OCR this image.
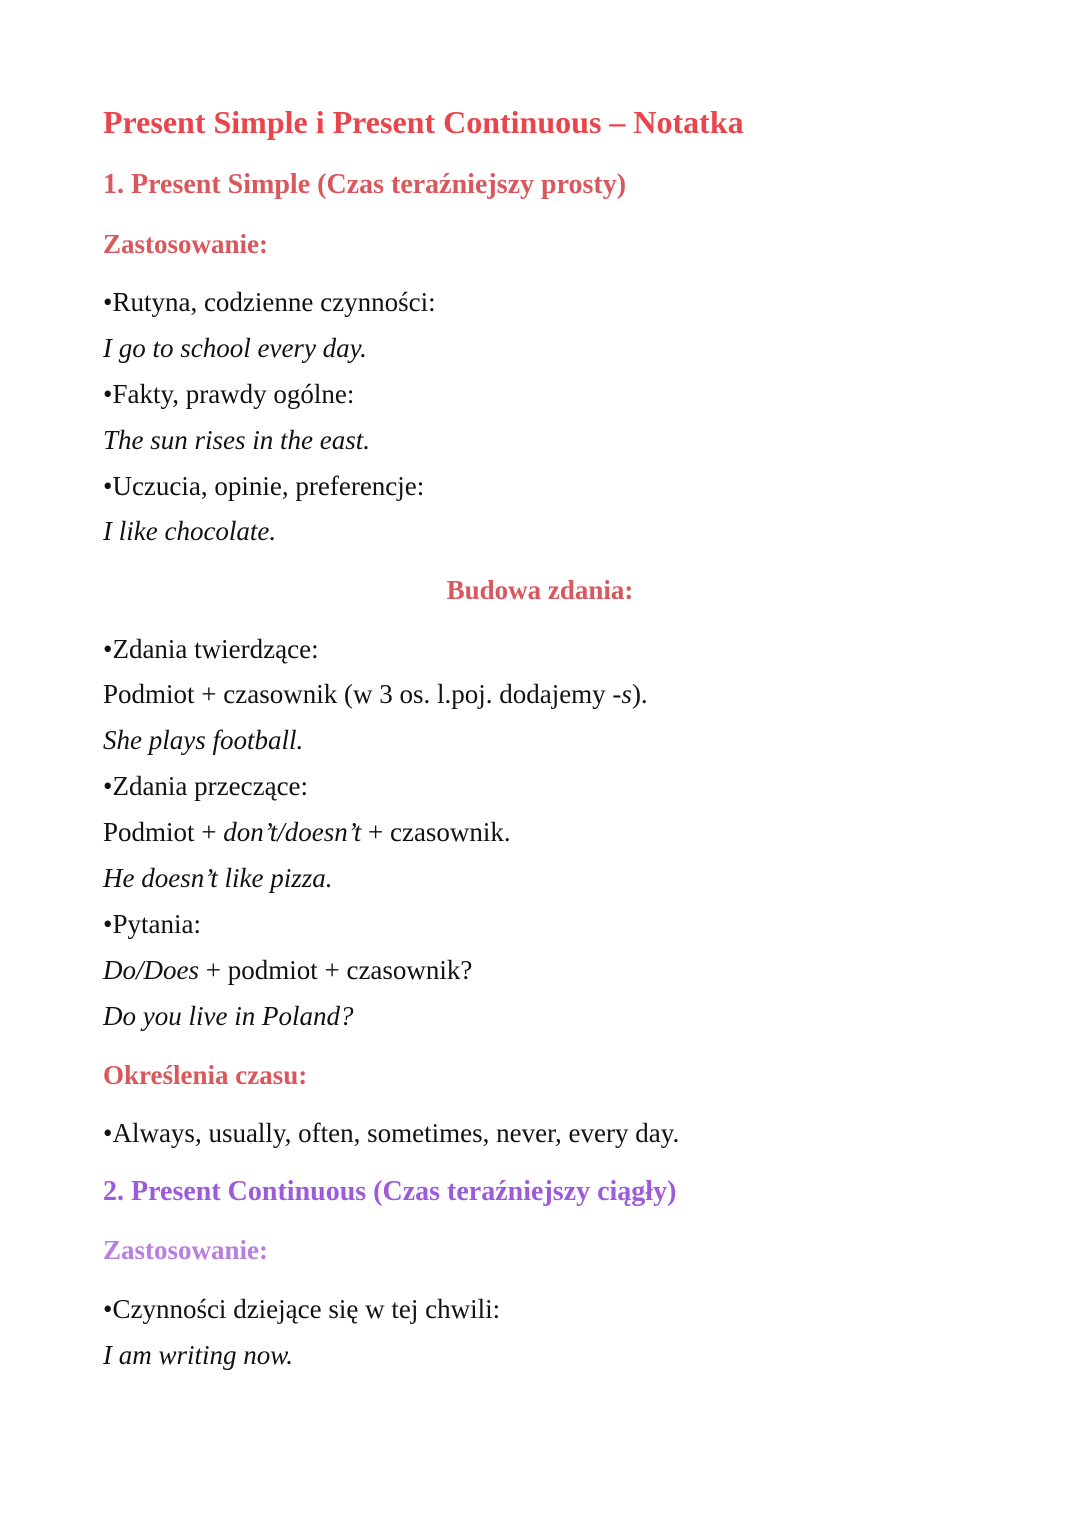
Present Simple i Present Continuous – Notatka
1. Present Simple (Czas teraźniejszy prosty)
Zastosowanie:
•Rutyna, codzienne czynności:
I go to school every day.
•Fakty, prawdy ogólne:
The sun rises in the east.
•Uczucia, opinie, preferencje:
I like chocolate.
Budowa zdania:
•Zdania twierdzące:
Podmiot + czasownik (w 3 os. l.poj. dodajemy -s).
She plays football.
•Zdania przeczące:
Podmiot + don’t/doesn’t + czasownik.
He doesn’t like pizza.
•Pytania:
Do/Does + podmiot + czasownik?
Do you live in Poland?
Określenia czasu:
•Always, usually, often, sometimes, never, every day.
2. Present Continuous (Czas teraźniejszy ciągły)
Zastosowanie:
•Czynności dziejące się w tej chwili:
I am writing now.
